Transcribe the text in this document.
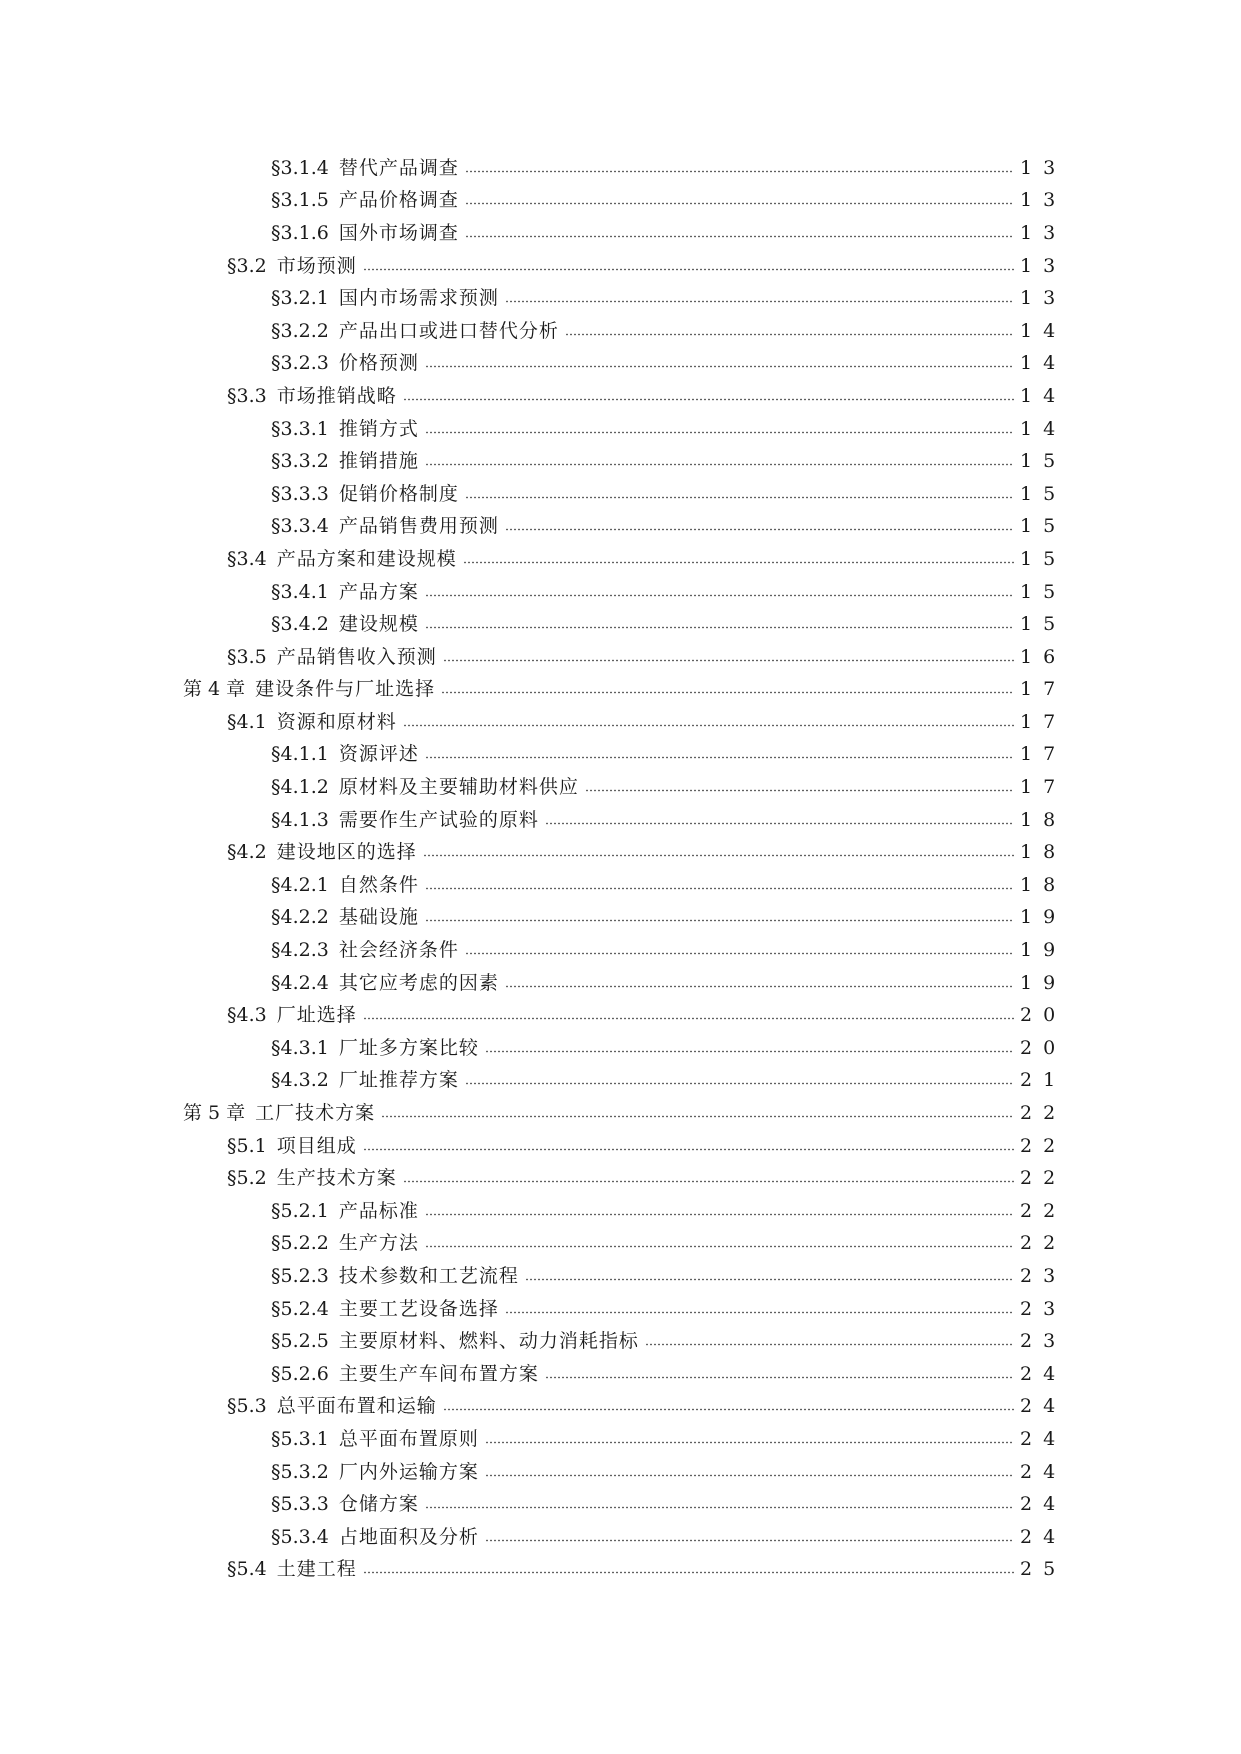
§3.1.4 替代产品调查	13
§3.1.5 产品价格调查	13
§3.1.6 国外市场调查	13
§3.2 市场预测	13
§3.2.1 国内市场需求预测	13
§3.2.2 产品出口或进口替代分析	14
§3.2.3 价格预测	14
§3.3 市场推销战略	14
§3.3.1 推销方式	14
§3.3.2 推销措施	15
§3.3.3 促销价格制度	15
§3.3.4 产品销售费用预测	15
§3.4 产品方案和建设规模	15
§3.4.1 产品方案	15
§3.4.2 建设规模	15
§3.5 产品销售收入预测	16
第 4 章 建设条件与厂址选择	17
§4.1 资源和原材料	17
§4.1.1 资源评述	17
§4.1.2 原材料及主要辅助材料供应	17
§4.1.3 需要作生产试验的原料	18
§4.2 建设地区的选择	18
§4.2.1 自然条件	18
§4.2.2 基础设施	19
§4.2.3 社会经济条件	19
§4.2.4 其它应考虑的因素	19
§4.3 厂址选择	20
§4.3.1 厂址多方案比较	20
§4.3.2 厂址推荐方案	21
第 5 章 工厂技术方案	22
§5.1 项目组成	22
§5.2 生产技术方案	22
§5.2.1 产品标准	22
§5.2.2 生产方法	22
§5.2.3 技术参数和工艺流程	23
§5.2.4 主要工艺设备选择	23
§5.2.5 主要原材料、燃料、动力消耗指标	23
§5.2.6 主要生产车间布置方案	24
§5.3 总平面布置和运输	24
§5.3.1 总平面布置原则	24
§5.3.2 厂内外运输方案	24
§5.3.3 仓储方案	24
§5.3.4 占地面积及分析	24
§5.4 土建工程	25
